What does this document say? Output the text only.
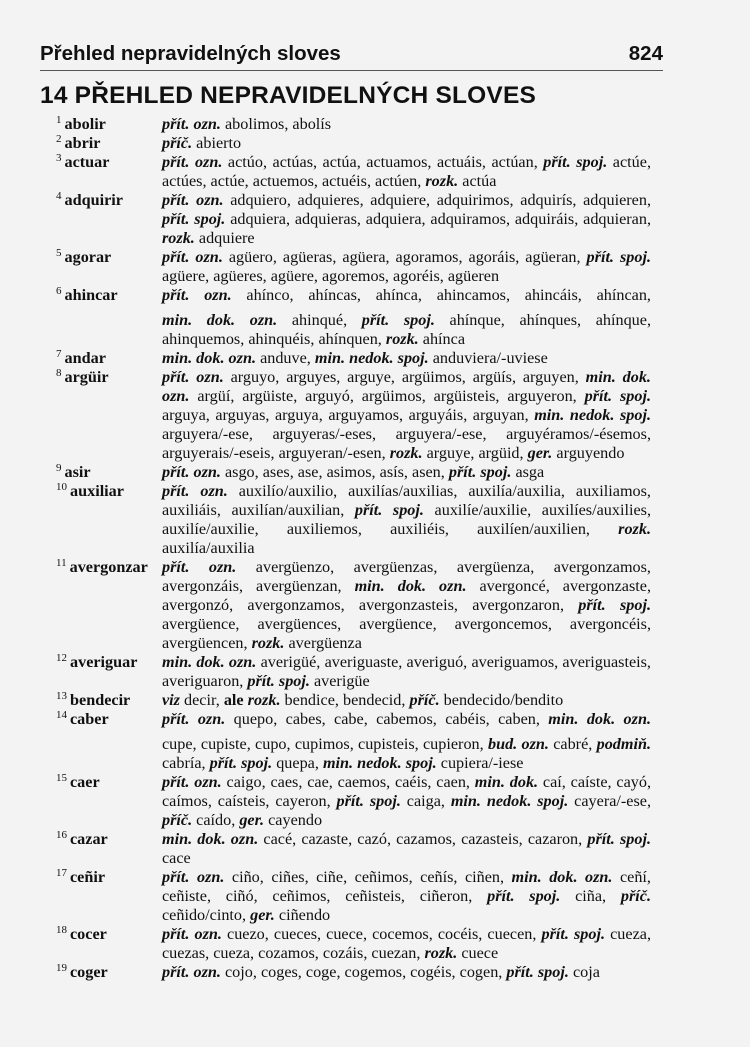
Přehled nepravidelných sloves	824
14 PŘEHLED NEPRAVIDELNÝCH SLOVES
$^1$ abolir	přít. ozn. abolimos, abolís
$^2$ abrir	příč. abierto
$^3$ actuar	přít. ozn. actúo, actúas, actúa, actuamos, actuáis, actúan, přít. spoj. actúe, actúes, actúe, actuemos, actuéis, actúen, rozk. actúa
$^4$ adquirir přít. ozn. adquiero, adquieres, adquiere, adquirimos, adquirís, adquieren, přít. spoj. adquiera, adquieras, adquiera, adquiramos, adquiráis, adquieran, rozk. adquiere
$^5$ agorar	přít. ozn. agüero, agüeras, agüera, agoramos, agoráis, agüeran, přít. spoj. agüere, agüeres, agüere, agoremos, agoréis, agüeren
$^6$ ahincar	přít. ozn. ahínco, ahíncas, ahínca, ahincamos, ahincáis, ahíncan,
min. dok. ozn. ahinqué, přít. spoj. ahínque, ahínques, ahínque, ahinquemos, ahinquéis, ahínquen, rozk. ahínca
$^7$ andar	min. dok. ozn. anduve, min. nedok. spoj. anduviera/-uviese
$^8$ argüir	přít. ozn. arguyo, arguyes, arguye, argüimos, argüís, arguyen, min. dok. ozn. argüí, argüiste, arguyó, argüimos, argüisteis, arguyeron, přít. spoj. arguya, arguyas, arguya, arguyamos, arguyáis, arguyan, min. nedok. spoj. arguyera/-ese, arguyeras/-eses, arguyera/-ese, arguyéramos/-ésemos, arguyerais/-eseis, arguyeran/-esen, rozk. arguye, argüid, ger. arguyendo
$^9$ asir	přít. ozn. asgo, ases, ase, asimos, asís, asen, přít. spoj. asga
$^{10}$ auxiliar přít. ozn. auxilío/auxilio, auxilías/auxilias, auxilía/auxilia, auxiliamos, auxiliáis, auxilían/auxilian, přít. spoj. auxilíe/auxilie, auxilíes/auxilies, auxilíe/auxilie, auxiliemos, auxiliéis, auxilíen/auxilien, rozk. auxilía/auxilia
$^{11}$ avergonzar přít. ozn. avergüenzo, avergüenzas, avergüenza, avergonzamos, avergonzáis, avergüenzan, min. dok. ozn. avergoncé, avergonzaste, avergonzó, avergonzamos, avergonzasteis, avergonzaron, přít. spoj. avergüence, avergüences, avergüence, avergoncemos, avergoncéis, avergüencen, rozk. avergüenza
$^{12}$ averiguar min. dok. ozn. averigüé, averiguaste, averiguó, averiguamos, averiguasteis, averiguaron, přít. spoj. averigüe
$^{13}$ bendecir viz decir, ale rozk. bendice, bendecid, příč. bendecido/bendito
$^{14}$ caber	přít. ozn. quepo, cabes, cabe, cabemos, cabéis, caben, min. dok. ozn.
cupe, cupiste, cupo, cupimos, cupisteis, cupieron, bud. ozn. cabré, podmiň. cabría, přít. spoj. quepa, min. nedok. spoj. cupiera/-iese
$^{15}$ caer	přít. ozn. caigo, caes, cae, caemos, caéis, caen, min. dok. caí, caíste, cayó, caímos, caísteis, cayeron, přít. spoj. caiga, min. nedok. spoj. cayera/-ese, příč. caído, ger. cayendo
$^{16}$ cazar	min. dok. ozn. cacé, cazaste, cazó, cazamos, cazasteis, cazaron, přít. spoj. cace
$^{17}$ ceñir	přít. ozn. ciño, ciñes, ciñe, ceñimos, ceñís, ciñen, min. dok. ozn. ceñí, ceñiste, ciñó, ceñimos, ceñisteis, ciñeron, přít. spoj. ciña, příč. ceñido/cinto, ger. ciñendo
$^{18}$ cocer	přít. ozn. cuezo, cueces, cuece, cocemos, cocéis, cuecen, přít. spoj. cueza, cuezas, cueza, cozamos, cozáis, cuezan, rozk. cuece
$^{19}$ coger	přít. ozn. cojo, coges, coge, cogemos, cogéis, cogen, přít. spoj. coja
